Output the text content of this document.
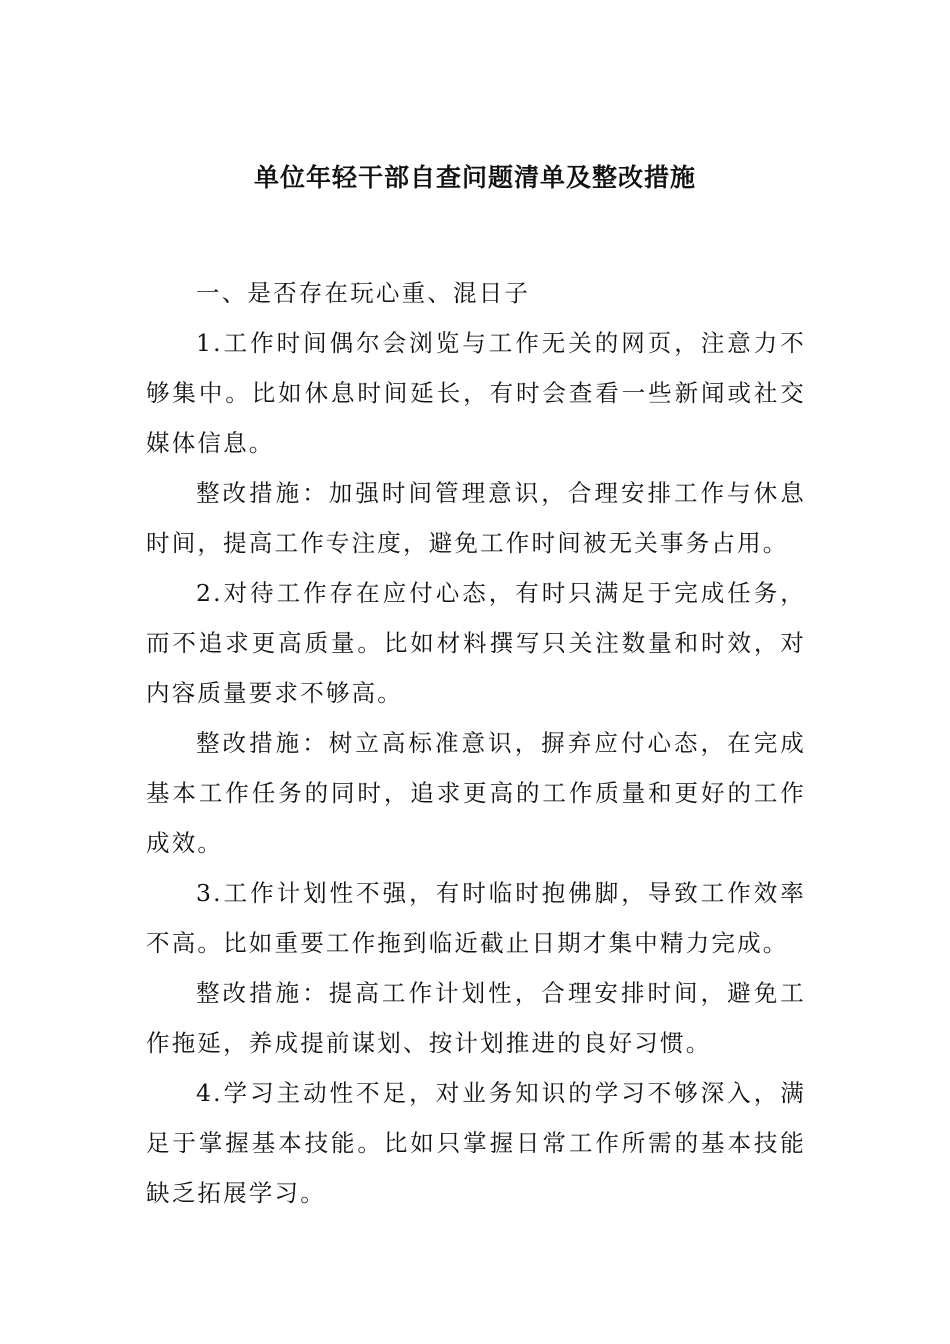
单位年轻干部自查问题清单及整改措施

一、是否存在玩心重、混日子

1.工作时间偶尔会浏览与工作无关的网页，注意力不够集中。比如休息时间延长，有时会查看一些新闻或社交媒体信息。

整改措施：加强时间管理意识，合理安排工作与休息时间，提高工作专注度，避免工作时间被无关事务占用。

2.对待工作存在应付心态，有时只满足于完成任务，而不追求更高质量。比如材料撰写只关注数量和时效，对内容质量要求不够高。

整改措施：树立高标准意识，摒弃应付心态，在完成基本工作任务的同时，追求更高的工作质量和更好的工作成效。

3.工作计划性不强，有时临时抱佛脚，导致工作效率不高。比如重要工作拖到临近截止日期才集中精力完成。

整改措施：提高工作计划性，合理安排时间，避免工作拖延，养成提前谋划、按计划推进的良好习惯。

4.学习主动性不足，对业务知识的学习不够深入，满足于掌握基本技能。比如只掌握日常工作所需的基本技能缺乏拓展学习。
